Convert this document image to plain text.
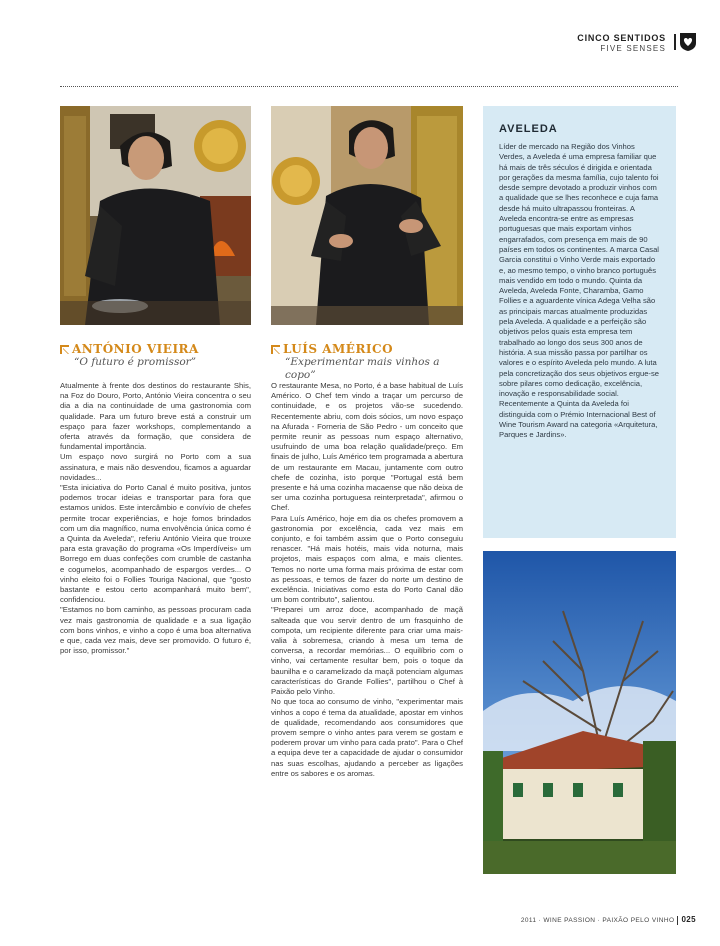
CINCO SENTIDOS
FIVE SENSES
ANTÓNIO VIEIRA
“O futuro é promissor”
LUÍS AMÉRICO
“Experimentar mais vinhos a copo”
Atualmente à frente dos destinos do restaurante Shis, na Foz do Douro, Porto, António Vieira concentra o seu dia a dia na continuidade de uma gastronomia com qualidade. Para um futuro breve está a construir um espaço para fazer workshops, complementando a oferta através da formação, que considera de fundamental importância.
Um espaço novo surgirá no Porto com a sua assinatura, e mais não desvendou, ficamos a aguardar novidades...
"Esta iniciativa do Porto Canal é muito positiva, juntos podemos trocar ideias e transportar para fora que estamos unidos. Este intercâmbio e convívio de chefes permite trocar experiências, e hoje fomos brindados com um dia magnífico, numa envolvência única como é a Quinta da Aveleda", referiu António Vieira que trouxe para esta gravação do programa «Os Imperdíveis» um Borrego em duas confeções com crumble de castanha e cogumelos, acompanhado de espargos verdes... O vinho eleito foi o Follies Touriga Nacional, que "gosto bastante e estou certo acompanhará muito bem", confidenciou.
"Estamos no bom caminho, as pessoas procuram cada vez mais gastronomia de qualidade e a sua ligação com bons vinhos, e vinho a copo é uma boa alternativa e que, cada vez mais, deve ser promovido. O futuro é, por isso, promissor."
O restaurante Mesa, no Porto, é a base habitual de Luís Américo. O Chef tem vindo a traçar um percurso de continuidade, e os projetos vão-se sucedendo. Recentemente abriu, com dois sócios, um novo espaço na Afurada - Forneria de São Pedro - um conceito que permite reunir as pessoas num espaço alternativo, usufruindo de uma boa relação qualidade/preço. Em finais de julho, Luís Américo tem programada a abertura de um restaurante em Macau, juntamente com outro chefe de cozinha, isto porque "Portugal está bem presente e há uma cozinha macaense que não deixa de ser uma cozinha portuguesa reinterpretada", afirmou o Chef.
Para Luís Américo, hoje em dia os chefes promovem a gastronomia por excelência, cada vez mais em conjunto, e foi também assim que o Porto conseguiu renascer. "Há mais hotéis, mais vida noturna, mais projetos, mais espaços com alma, e mais clientes. Temos no norte uma forma mais próxima de estar com as pessoas, e temos de fazer do norte um destino de excelência. Iniciativas como esta do Porto Canal dão um bom contributo", salientou.
"Preparei um arroz doce, acompanhado de maçã salteada que vou servir dentro de um frasquinho de compota, um recipiente diferente para criar uma mais-valia à sobremesa, criando à mesa um tema de conversa, a recordar memórias... O equilíbrio com o vinho, vai certamente resultar bem, pois o toque da baunilha e o caramelizado da maçã potenciam algumas características do Grande Follies", partilhou o Chef à Paixão pelo Vinho.
No que toca ao consumo de vinho, "experimentar mais vinhos a copo é tema da atualidade, apostar em vinhos de qualidade, recomendando aos consumidores que provem sempre o vinho antes para verem se gostam e poderem provar um vinho para cada prato". Para o Chef a equipa deve ter a capacidade de ajudar o consumidor nas suas escolhas, ajudando a perceber as ligações entre os sabores e os aromas.
AVELEDA
Líder de mercado na Região dos Vinhos Verdes, a Aveleda é uma empresa familiar que há mais de três séculos é dirigida e orientada por gerações da mesma família, cujo talento foi desde sempre devotado a produzir vinhos com a qualidade que se lhes reconhece e cuja fama desde há muito ultrapassou fronteiras. A Aveleda encontra-se entre as empresas portuguesas que mais exportam vinhos engarrafados, com presença em mais de 90 países em todos os continentes. A marca Casal Garcia constitui o Vinho Verde mais exportado e, ao mesmo tempo, o vinho branco português mais vendido em todo o mundo. Quinta da Aveleda, Aveleda Fonte, Charamba, Gamo Follies e a aguardente vínica Adega Velha são as principais marcas atualmente produzidas pela Aveleda. A qualidade e a perfeição são objetivos pelos quais esta empresa tem trabalhado ao longo dos seus 300 anos de história. A sua missão passa por partilhar os valores e o espírito Aveleda pelo mundo. A luta pela concretização dos seus objetivos ergue-se sobre pilares como dedicação, excelência, inovação e responsabilidade social. Recentemente a Quinta da Aveleda foi distinguida com o Prémio Internacional Best of Wine Tourism Award na categoria «Arquitetura, Parques e Jardins».
2011 · WINE PASSION · PAIXÃO PELO VINHO 025
